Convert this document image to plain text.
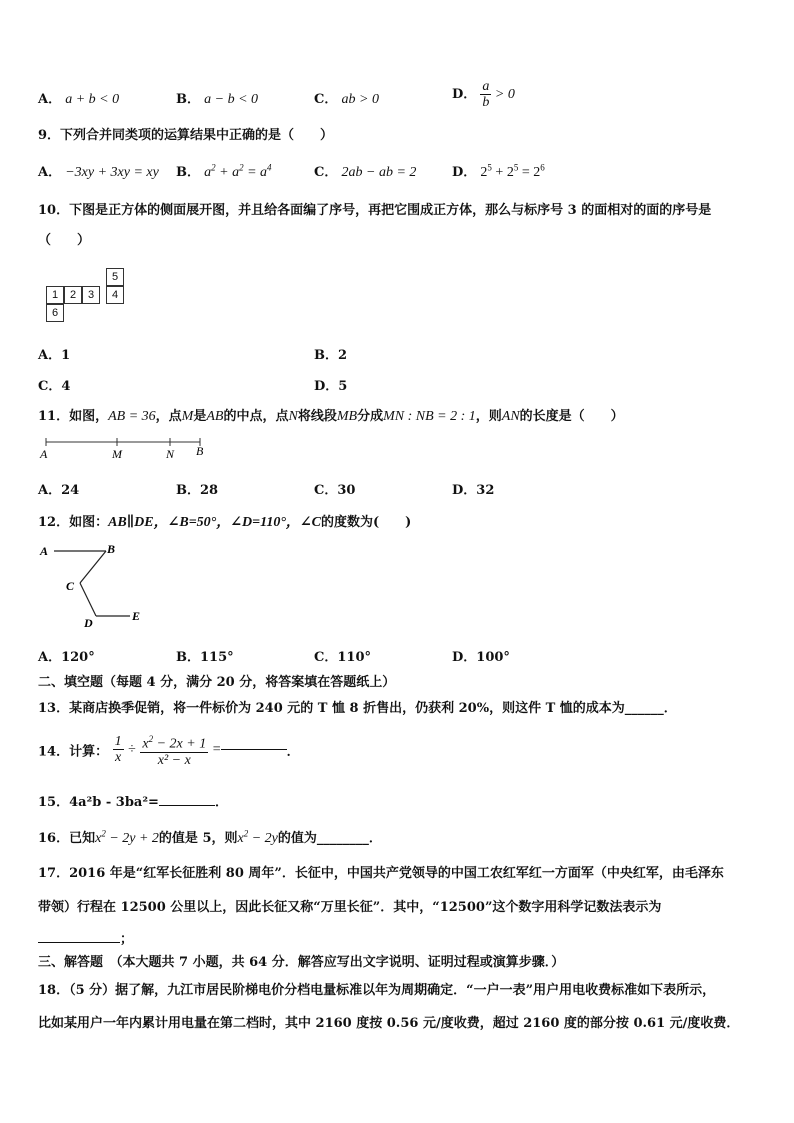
A． a + b < 0	B． a − b < 0	C． ab > 0	D． $\frac{a}{b} > 0$
9．下列合并同类项的运算结果中正确的是（　　）
A． −3xy + 3xy = xy B． $a^2 + a^2 = a^4$	C． 2ab − ab = 2	D． $2^5 + 2^5 = 2^6$
10．下图是正方体的侧面展开图，并且给各面编了序号，再把它围成正方体，那么与标序号 3 的面相对的面的序号是
（　　）
1	2	3	4
5
6
A．1	B．2
C．4	D．5
11．如图，AB = 36，点M是AB的中点，点N将线段MB分成MN : NB = 2 : 1，则AN的长度是（　　）
A	M	N B
A．24	B．28	C．30	D．32
12．如图：AB∥DE，∠B=50°，∠D=110°，∠C的度数为(　　)
A	B
C
D	E
A．120°	B．115°	C．110°	D．100°
二、填空题（每题 4 分，满分 20 分，将答案填在答题纸上）
13．某商店换季促销，将一件标价为 240 元的 T 恤 8 折售出，仍获利 20%，则这件 T 恤的成本为______．
14．计算： $\frac{1}{x} \div \frac{x^2 - 2x + 1}{\text{x² − x}}$ =	．
15．4a²b - 3ba²=	．
16．已知$x^2 - 2y + 2$的值是 5，则$x^2 - 2y$的值为________．
17．2016 年是“红军长征胜利 80 周年”．长征中，中国共产党领导的中国工农红军红一方面军（中央红军，由毛泽东
带领）行程在 12500 公里以上，因此长征又称“万里长征”．其中，“12500”这个数字用科学记数法表示为
；
三、解答题　（本大题共 7 小题，共 64 分．解答应写出文字说明、证明过程或演算步骤．）
18．（5 分）据了解，九江市居民阶梯电价分档电量标准以年为周期确定．“一户一表”用户用电收费标准如下表所示，
比如某用户一年内累计用电量在第二档时，其中 2160 度按 0.56 元/度收费，超过 2160 度的部分按 0.61 元/度收费．
